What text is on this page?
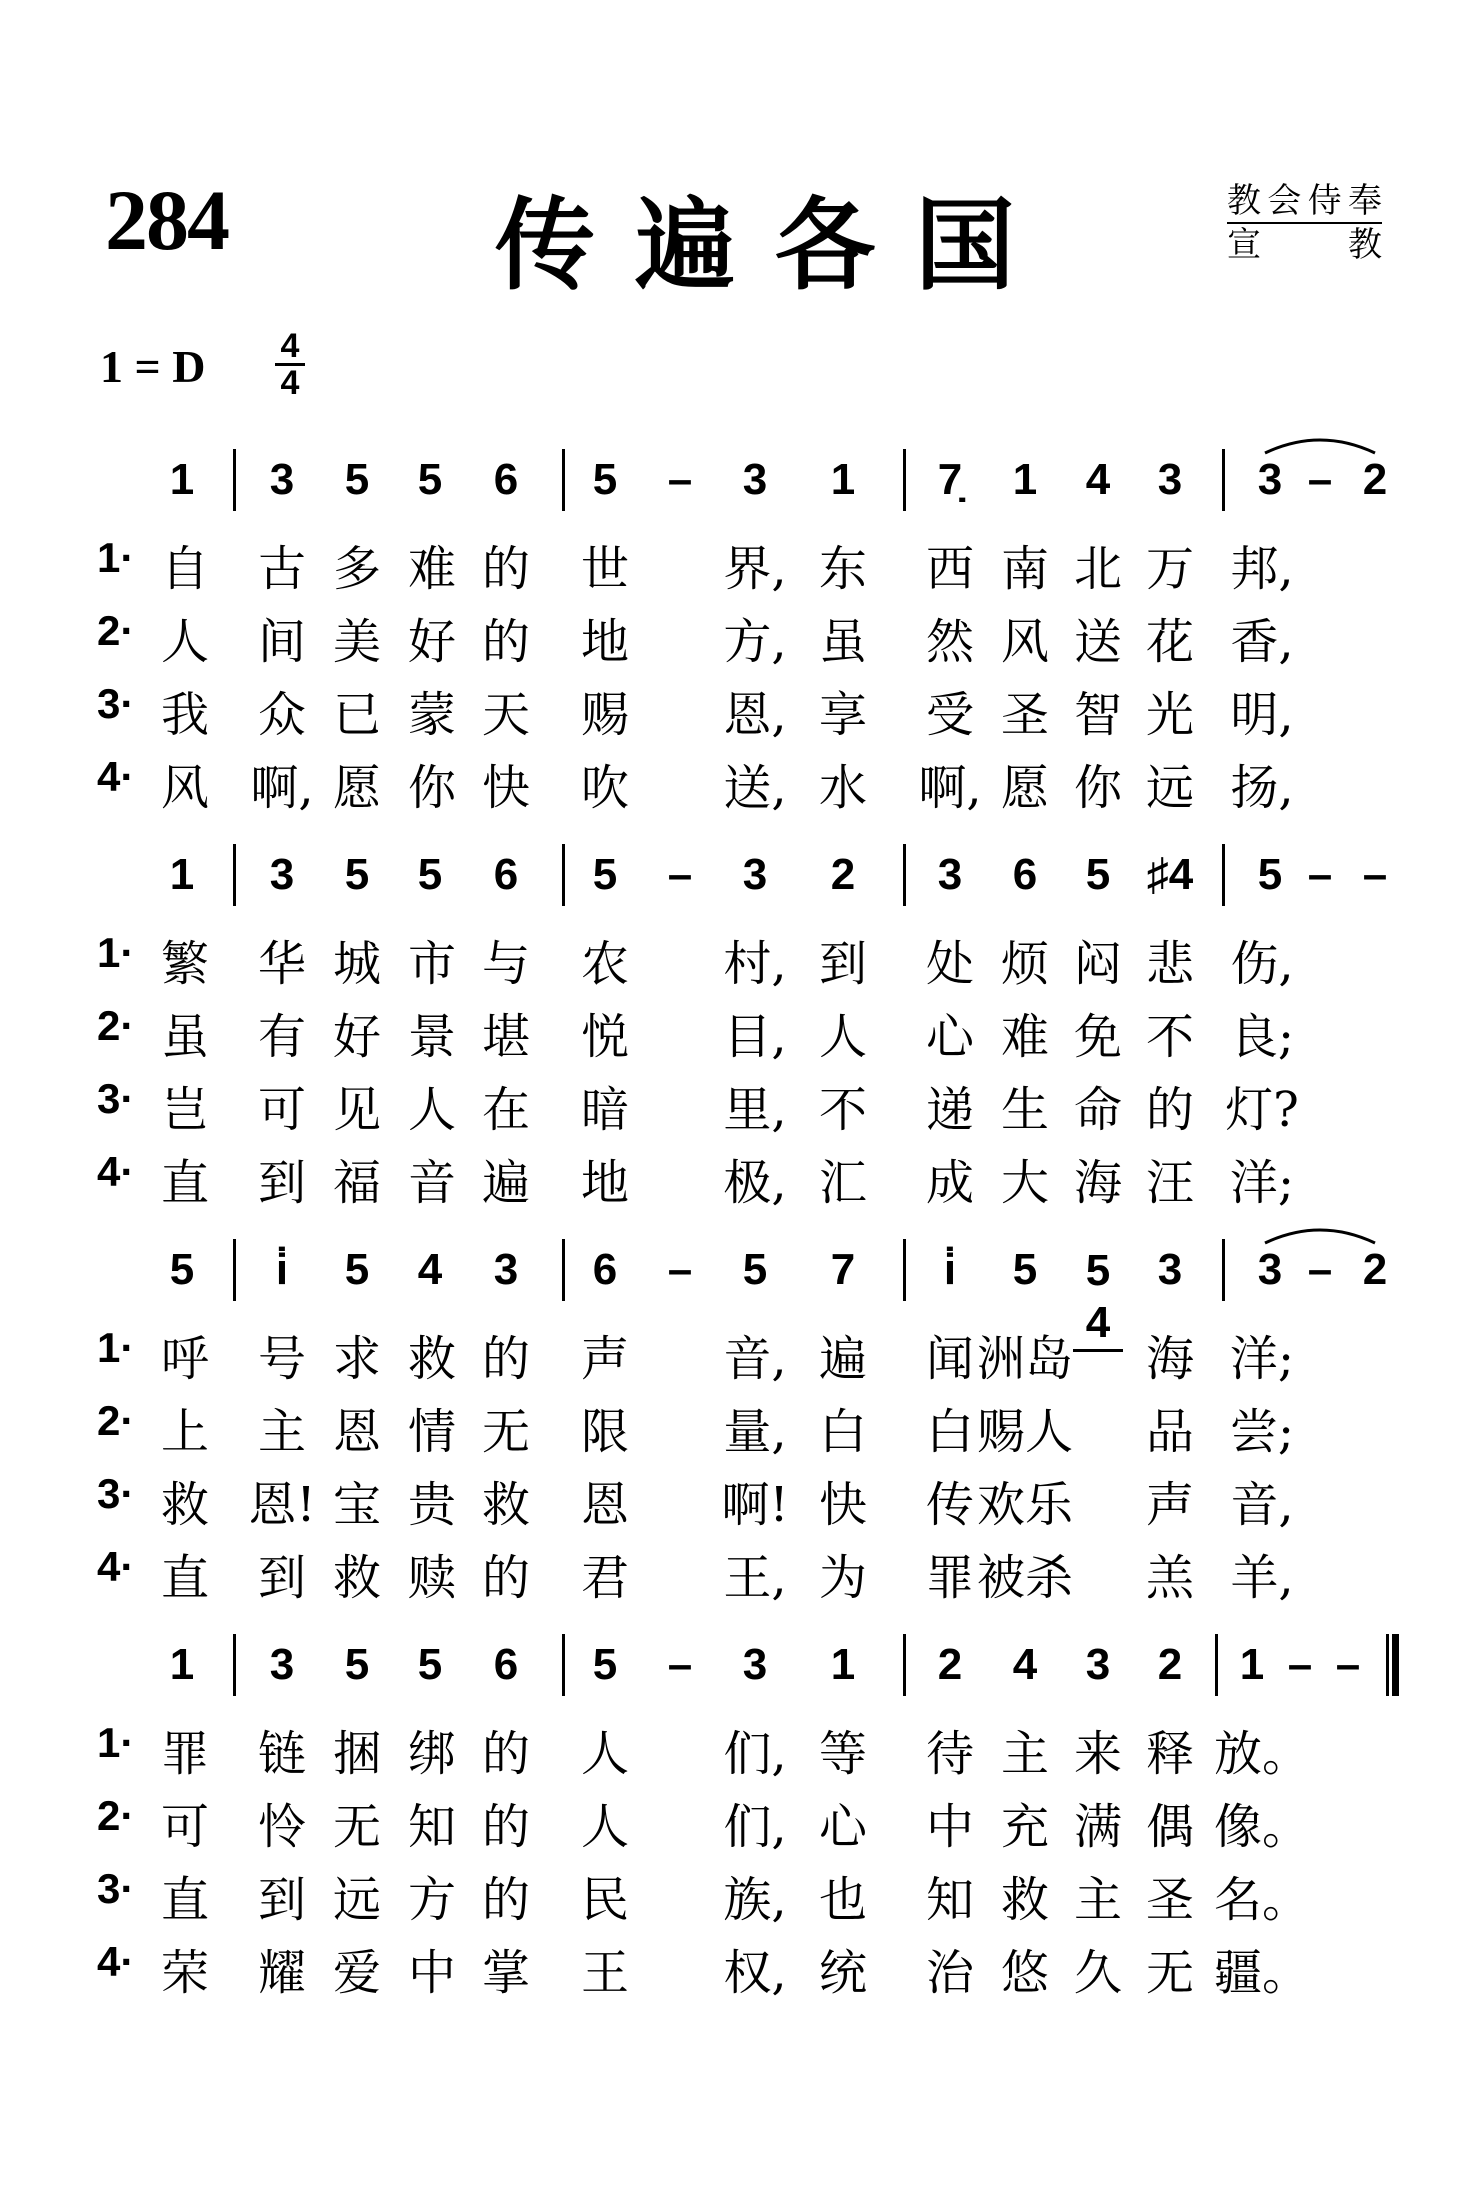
284	传遍各国	教会侍奉
宣　　教
1 = D 4
4
1 3 5 5 6 5 – 3 1 7̣ 1 4 3 3 – 2
1· 自 古 多 难 的 世	界, 东 西 南 北 万 邦,
2· 人 间 美 好 的 地	方, 虽 然 风 送 花 香,
3· 我 众 已 蒙 天 赐	恩, 享 受 圣 智 光 明,
4· 风 啊, 愿 你 快 吹	送, 水	啊, 愿 你 远 扬,
1 3 5 5 6 5 – 3 2 3 6 5 ♯4 5 – –
1· 繁 华 城 市 与 农	村, 到 处 烦 闷 悲 伤,
2· 虽 有 好 景 堪 悦	目, 人 心 难 免 不 良;
3· 岂 可 见 人 在 暗	里, 不 递 生 命 的 灯?
4· 直 到 福 音 遍 地	极, 汇 成 大 海 汪 洋;
5	i̇	5 4 3 6 – 5 7	i̇	5 5 4
3 3 – 2
1· 呼 号 求 救 的 声	音, 遍 闻 洲岛 海 洋;
2· 上 主 恩 情 无 限	量, 白 白 赐人 品 尝;
3· 救 恩! 宝 贵 救 恩	啊! 快 传 欢乐 声 音,
4· 直 到 救 赎 的 君	王, 为 罪 被杀 羔 羊,
1 3 5 5 6 5 – 3 1 2 4 3 2 1 – –
1· 罪 链 捆 绑 的 人	们, 等 待 主 来 释 放。
2· 可 怜 无 知 的 人	们, 心 中 充 满 偶 像。
3· 直 到 远 方 的 民	族, 也 知 救 主 圣 名。
4· 荣 耀 爱 中 掌 王	权, 统 治 悠 久 无 疆。
